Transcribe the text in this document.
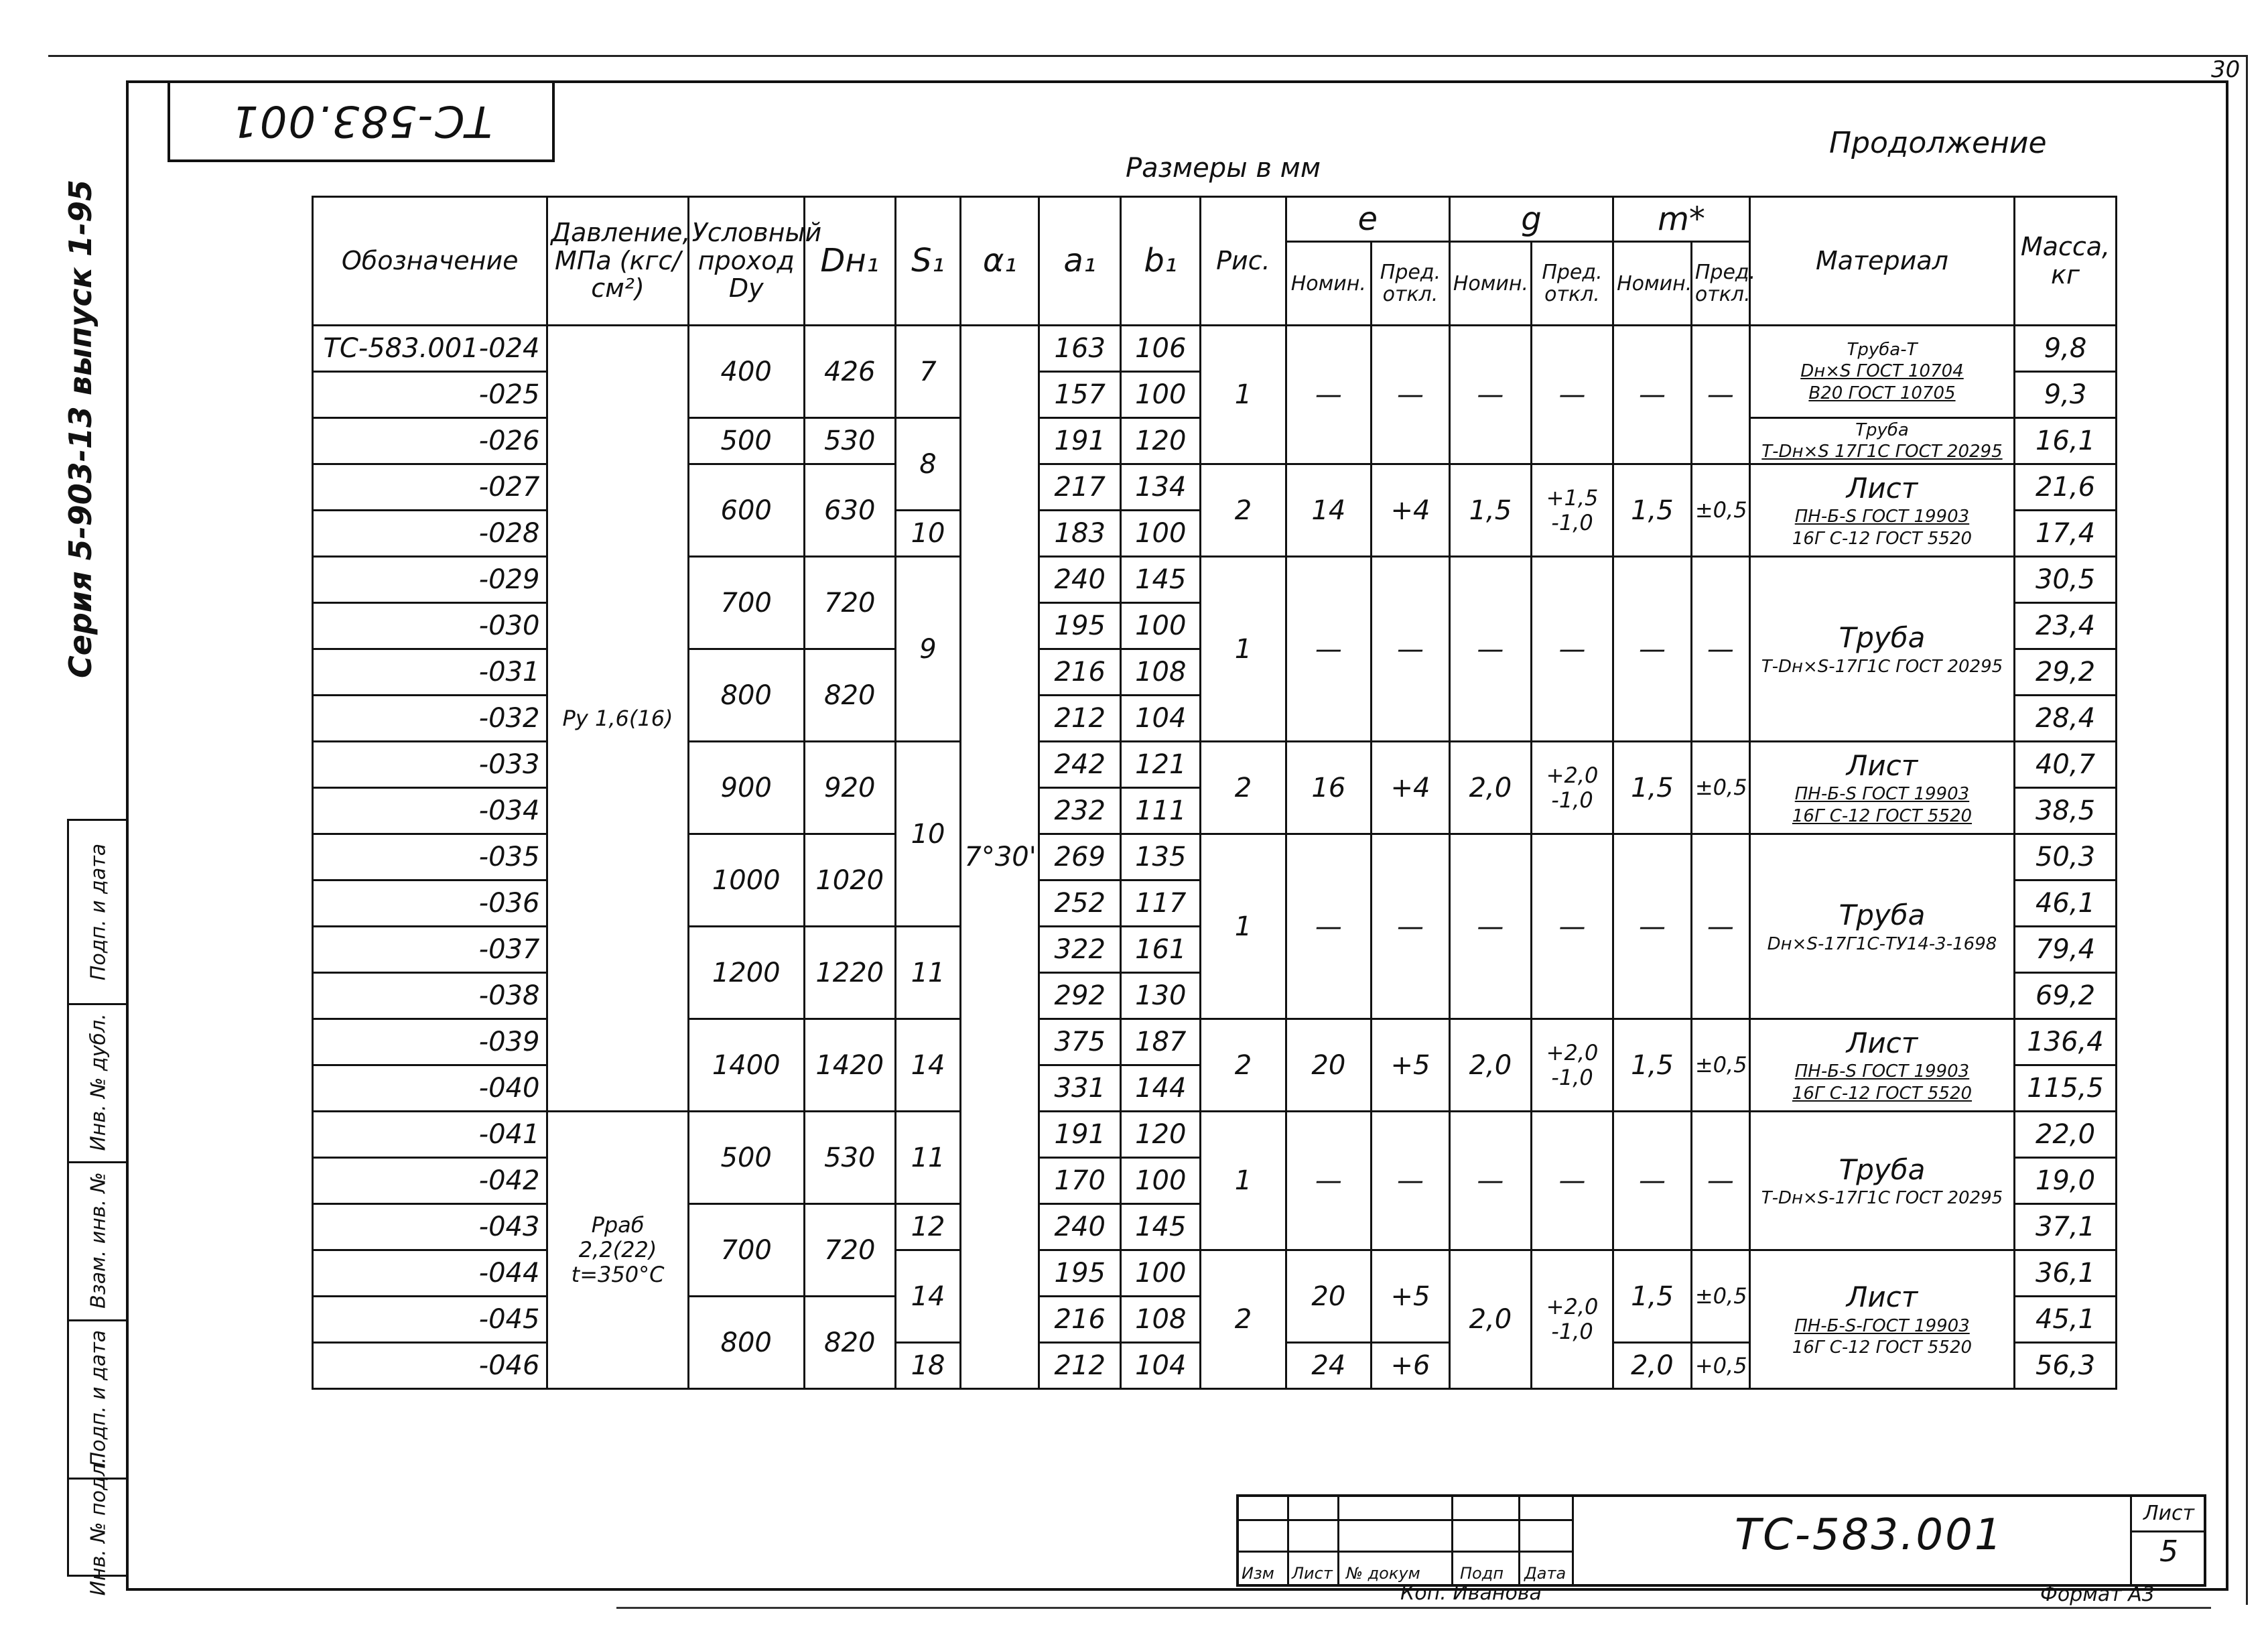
30
ТС-583.001	Продолжение
Размеры в мм
Серия 5-903-13 выпуск 1-95
Подп. и дата
Инв. № дубл.
Взам. инв. №
Подп. и дата
Инв. № подл.
Обозначение	Давление, МПа (кгс/см²)	Условный проход Dy	Dн₁	S₁	α₁	a₁	b₁	Рис.	е		g		m*		Материал	Масса, кг
									Номин.	Пред. откл.	Номин.	Пред. откл.	Номин.	Пред. откл.		
ТС-583.001-024	Py 1,6(16)	400	426	7	7°30'	163	106	1	—	—	—	—	—	—	Труба-Т
Dн×S ГОСТ 10704
В20 ГОСТ 10705	9,8
-025						157	100									9,3
-026		500	530	8		191	120								Труба
Т-Dн×S 17Г1С ГОСТ 20295	16,1
-027		600	630			217	134	2	14	+4	1,5	+1,5 -1,0	1,5	±0,5	Лист
ПН-Б-S ГОСТ 19903
16Г С-12 ГОСТ 5520	21,6
-028				10		183	100									17,4
-029		700	720	9		240	145	1	—	—	—	—	—	—	Труба
Т-Dн×S-17Г1С ГОСТ 20295	30,5
-030						195	100									23,4
-031		800	820			216	108									29,2
-032						212	104									28,4
-033		900	920	10		242	121	2	16	+4	2,0	+2,0 -1,0	1,5	±0,5	Лист
ПН-Б-S ГОСТ 19903
16Г С-12 ГОСТ 5520	40,7
-034						232	111									38,5
-035		1000	1020			269	135	1	—	—	—	—	—	—	Труба
Dн×S-17Г1С-ТУ14-3-1698	50,3
-036						252	117									46,1
-037		1200	1220	11		322	161									79,4
-038						292	130									69,2
-039		1400	1420	14		375	187	2	20	+5	2,0	+2,0 -1,0	1,5	±0,5	Лист
ПН-Б-S ГОСТ 19903
16Г С-12 ГОСТ 5520	136,4
-040						331	144									115,5
-041	Pраб 2,2(22) t=350°C	500	530	11		191	120	1	—	—	—	—	—	—	Труба
Т-Dн×S-17Г1С ГОСТ 20295	22,0
-042						170	100									19,0
-043		700	720	12		240	145									37,1
-044				14		195	100	2	20	+5	2,0	+2,0 -1,0	1,5	±0,5	Лист
ПН-Б-S-ГОСТ 19903
16Г С-12 ГОСТ 5520	36,1
-045		800	820			216	108									45,1
-046				18		212	104		24	+6			2,0	+0,5		56,3
Изм Лист № докум Подп Дата
ТС-583.001	Лист
5
Коп. Иванова	Формат А3
